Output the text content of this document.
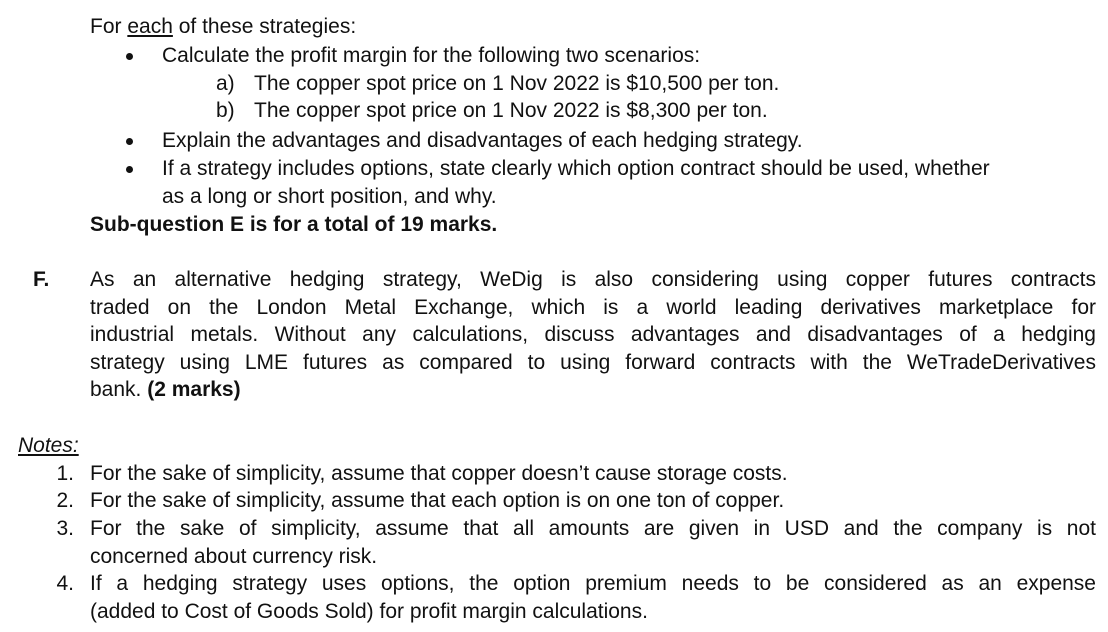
For each of these strategies:
Calculate the profit margin for the following two scenarios:
a) The copper spot price on 1 Nov 2022 is $10,500 per ton.
b) The copper spot price on 1 Nov 2022 is $8,300 per ton.
Explain the advantages and disadvantages of each hedging strategy.
If a strategy includes options, state clearly which option contract should be used, whether
as a long or short position, and why.
Sub-question E is for a total of 19 marks.
F. As an alternative hedging strategy, WeDig is also considering using copper futures contracts
traded on the London Metal Exchange, which is a world leading derivatives marketplace for
industrial metals. Without any calculations, discuss advantages and disadvantages of a hedging
strategy using LME futures as compared to using forward contracts with the WeTradeDerivatives
bank. (2 marks)
Notes:
1. For the sake of simplicity, assume that copper doesn’t cause storage costs.
2. For the sake of simplicity, assume that each option is on one ton of copper.
3. For the sake of simplicity, assume that all amounts are given in USD and the company is not
concerned about currency risk.
4. If a hedging strategy uses options, the option premium needs to be considered as an expense
(added to Cost of Goods Sold) for profit margin calculations.
